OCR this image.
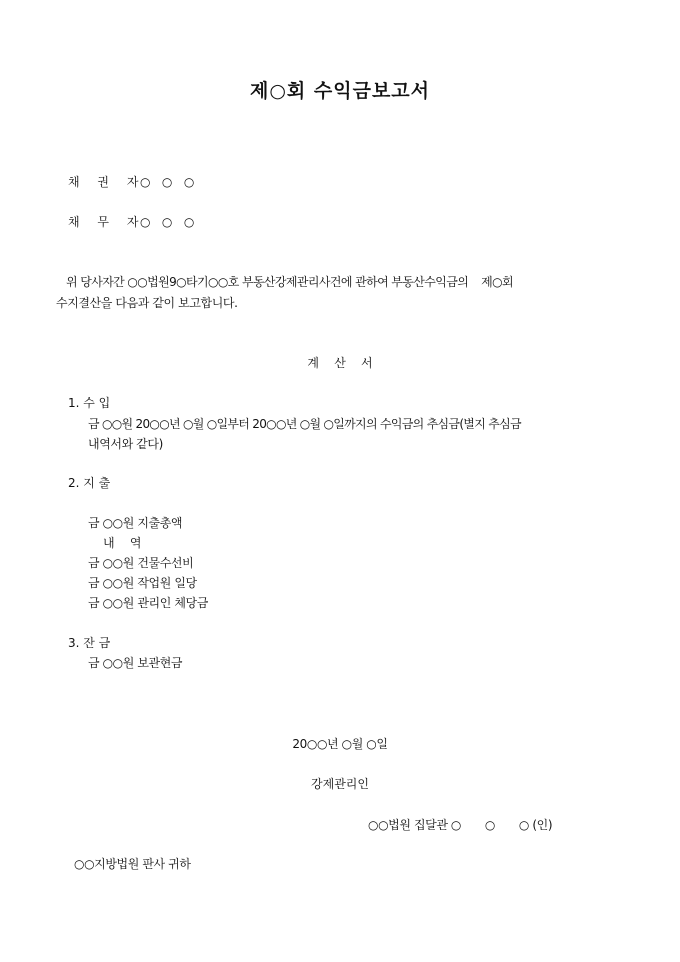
제○회 수익금보고서
채 권 자
○   ○   ○
채 무 자
○   ○   ○
위 당사자간 ○○법원9○타기○○호 부동산강제관리사건에 관하여 부동산수익금의    제○회
수지결산을 다음과 같이 보고합니다.
계    산    서
1. 수 입
금 ○○원 20○○년 ○월 ○일부터 20○○년 ○월 ○일까지의 수익금의 추심금(별지 추심금
내역서와 같다)
2. 지 출
금 ○○원 지출총액
내    역
금 ○○원 건물수선비
금 ○○원 작업원 일당
금 ○○원 관리인 체당금
3. 잔 금
금 ○○원 보관현금
20○○년 ○월 ○일
강제관리인
○○법원 집달관 ○       ○       ○ (인)
○○지방법원 판사 귀하
